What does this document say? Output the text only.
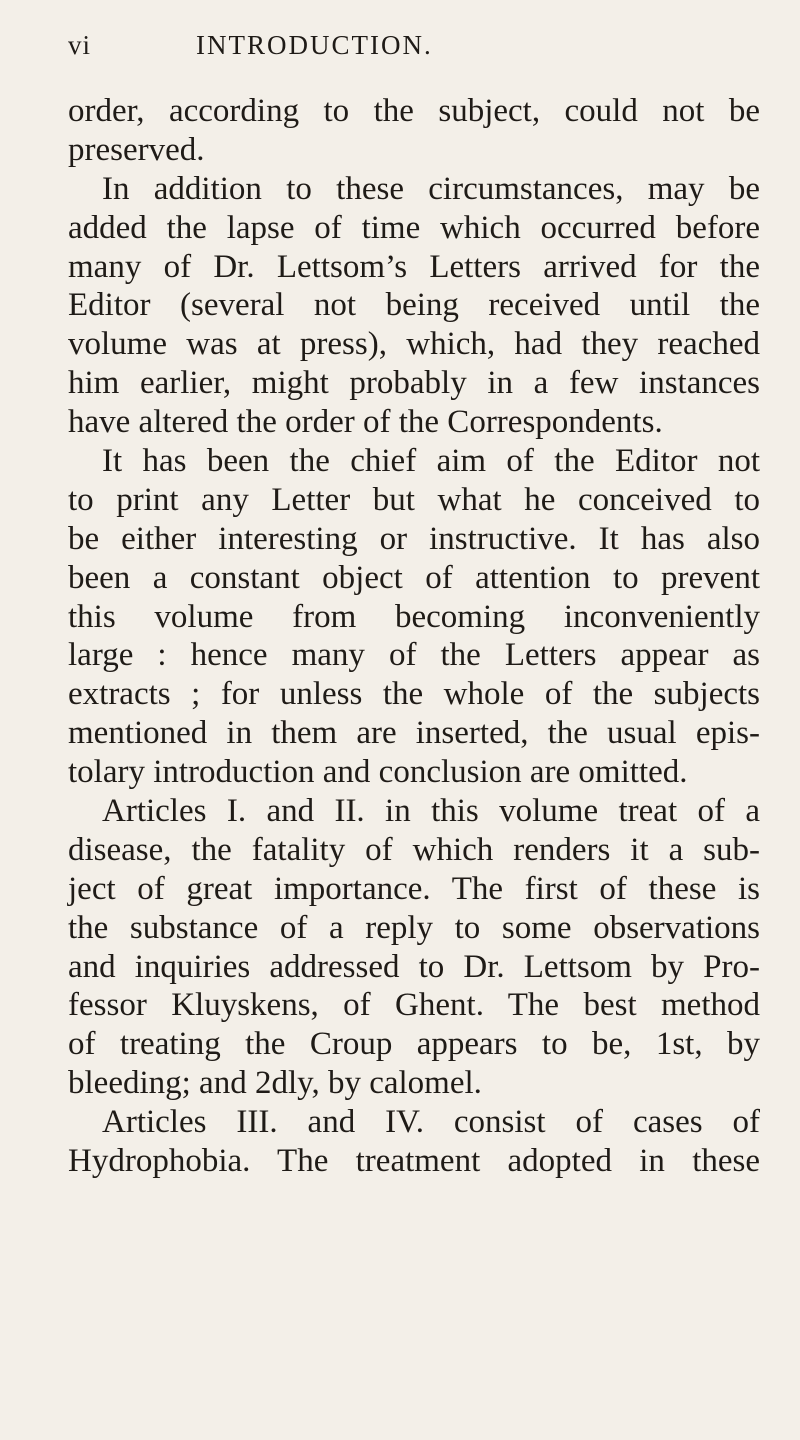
vi	INTRODUCTION.
order, according to the subject, could not be
preserved.
In addition to these circumstances, may be
added the lapse of time which occurred before
many of Dr. Lettsom’s Letters arrived for the
Editor (several not being received until the
volume was at press), which, had they reached
him earlier, might probably in a few instances
have altered the order of the Correspondents.
It has been the chief aim of the Editor not
to print any Letter but what he conceived to
be either interesting or instructive. It has also
been a constant object of attention to prevent
this volume from becoming inconveniently
large : hence many of the Letters appear as
extracts ; for unless the whole of the subjects
mentioned in them are inserted, the usual epis-
tolary introduction and conclusion are omitted.
Articles I. and II. in this volume treat of a
disease, the fatality of which renders it a sub-
ject of great importance. The first of these is
the substance of a reply to some observations
and inquiries addressed to Dr. Lettsom by Pro-
fessor Kluyskens, of Ghent. The best method
of treating the Croup appears to be, 1st, by
bleeding; and 2dly, by calomel.
Articles III. and IV. consist of cases of
Hydrophobia. The treatment adopted in these
